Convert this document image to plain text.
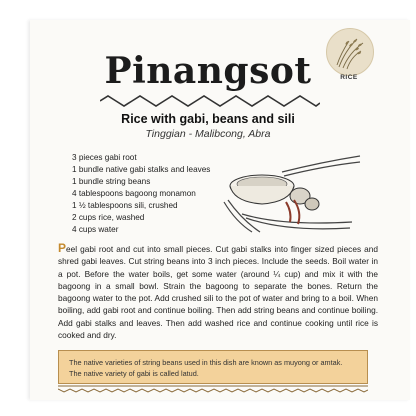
Pinangsot
Rice with gabi, beans and sili
Tinggian - Malibcong, Abra
RICE
3 pieces gabi root
1 bundle native gabi stalks and leaves
1 bundle string beans
4 tablespoons bagoong monamon
1 ½ tablespoons sili, crushed
2 cups rice, washed
4 cups water

Peel gabi root and cut into small pieces. Cut gabi stalks into finger sized pieces and shred gabi leaves. Cut string beans into 3 inch pieces. Include the seeds. Boil water in a pot. Before the water boils, get some water (around ¼ cup) and mix it with the bagoong in a small bowl. Strain the bagoong to separate the bones. Return the bagoong water to the pot. Add crushed sili to the pot of water and bring to a boil. When boiling, add gabi root and continue boiling. Then add string beans and continue boiling. Add gabi stalks and leaves. Then add washed rice and continue cooking until rice is cooked and dry.

The native varieties of string beans used in this dish are known as muyong or amtak. The native variety of gabi is called latud.
